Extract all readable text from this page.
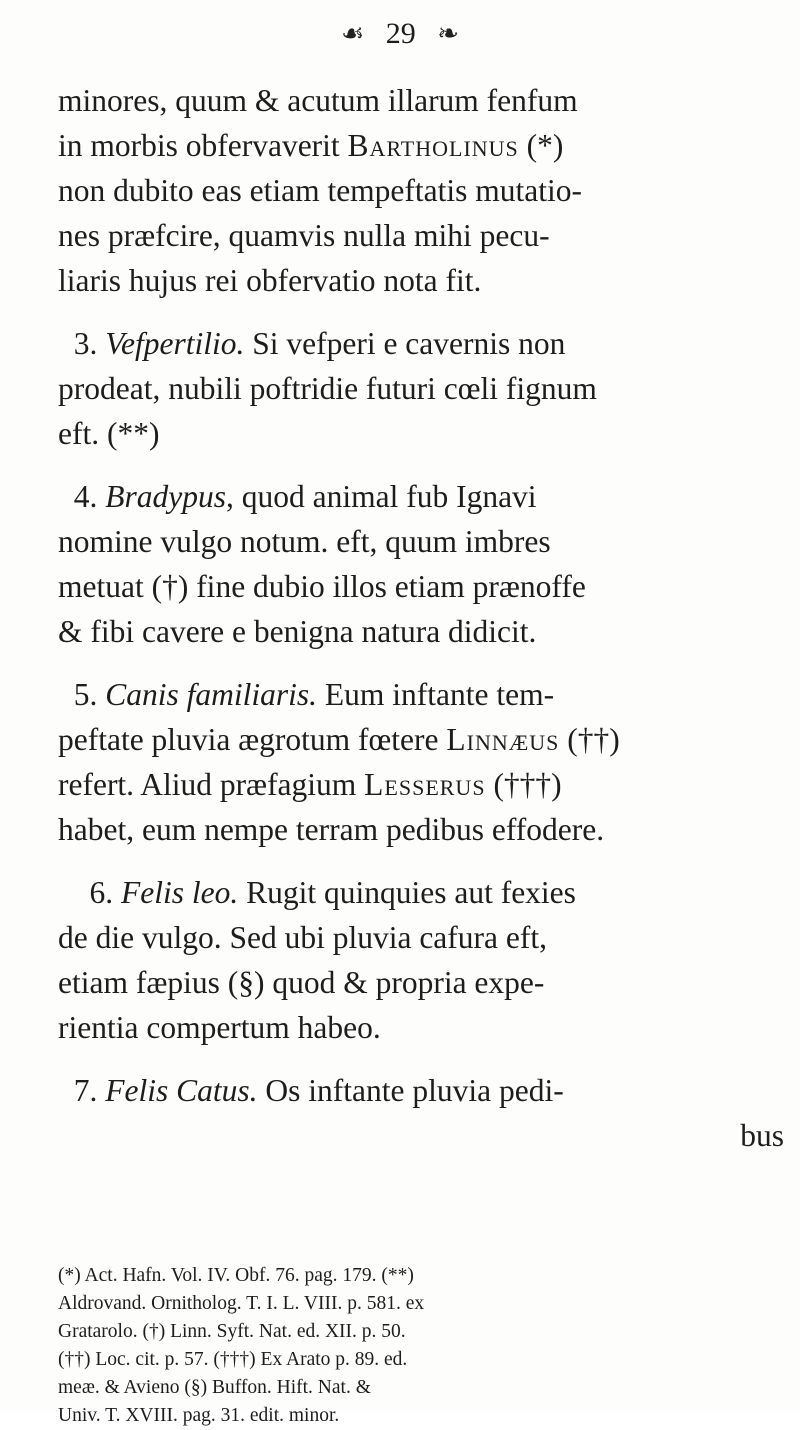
☙ 29 ❧

minores, quum & acutum illarum fenfum
in morbis obfervaverit Bartholinus (*)
non dubito eas etiam tempeftatis mutatio-
nes præfcire, quamvis nulla mihi pecu-
liaris hujus rei obfervatio nota fit.

3. Vefpertilio. Si vefperi e cavernis non
prodeat, nubili poftridie futuri cœli fignum
eft. (**)

4. Bradypus, quod animal fub Ignavi
nomine vulgo notum. eft, quum imbres
metuat (†) fine dubio illos etiam prænoffe
& fibi cavere e benigna natura didicit.

5. Canis familiaris. Eum inftante tem-
peftate pluvia ægrotum fœtere Linnæus (††)
refert. Aliud præfagium Lesserus (†††)
habet, eum nempe terram pedibus effodere.

6. Felis leo. Rugit quinquies aut fexies
de die vulgo. Sed ubi pluvia cafura eft,
etiam fæpius (§) quod & propria expe-
rientia compertum habeo.

7. Felis Catus. Os inftante pluvia pedi-
bus

(*) Act. Hafn. Vol. IV. Obf. 76. pag. 179. (**)
Aldrovand. Ornitholog. T. I. L. VIII. p. 581. ex
Gratarolo. (†) Linn. Syft. Nat. ed. XII. p. 50.
(††) Loc. cit. p. 57. (†††) Ex Arato p. 89. ed.
meæ. & Avieno (§) Buffon. Hift. Nat. &
Univ. T. XVIII. pag. 31. edit. minor.
